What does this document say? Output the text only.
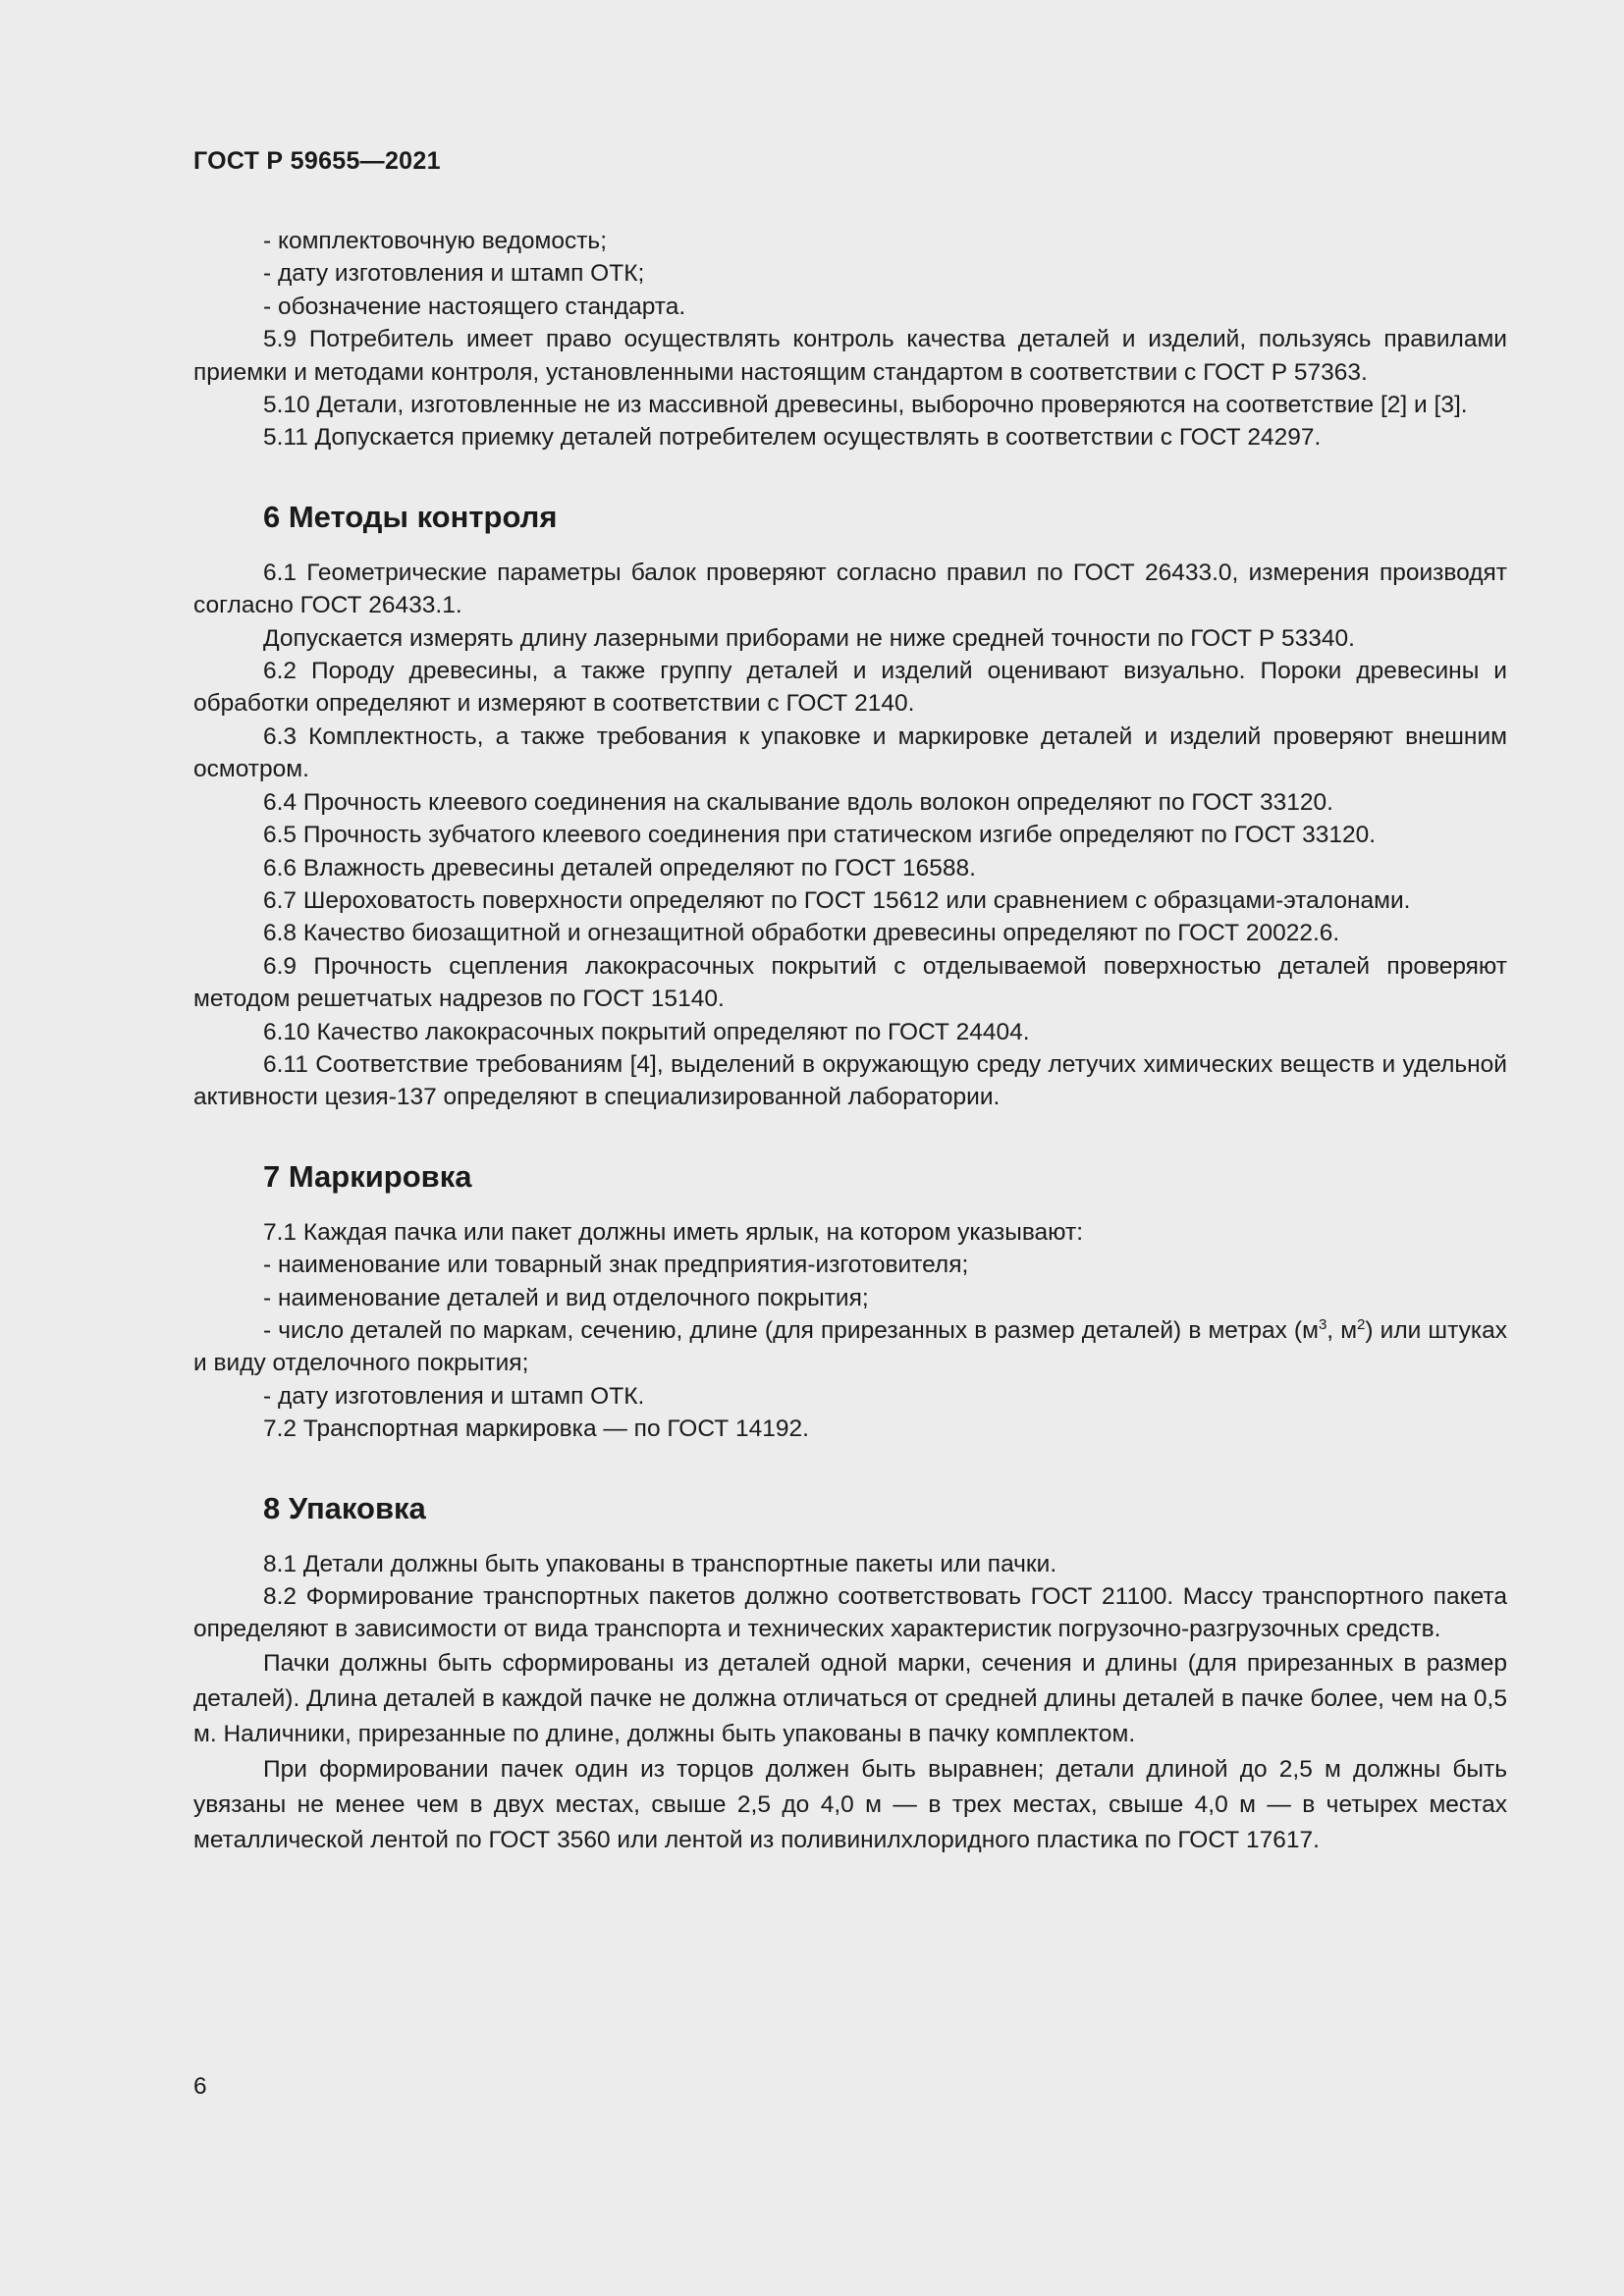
ГОСТ Р 59655—2021

- комплектовочную ведомость;

- дату изготовления и штамп ОТК;

- обозначение настоящего стандарта.

5.9 Потребитель имеет право осуществлять контроль качества деталей и изделий, пользуясь правилами приемки и методами контроля, установленными настоящим стандартом в соответствии с ГОСТ Р 57363.

5.10 Детали, изготовленные не из массивной древесины, выборочно проверяются на соответствие [2] и [3].

5.11 Допускается приемку деталей потребителем осуществлять в соответствии с ГОСТ 24297.

6 Методы контроля

6.1 Геометрические параметры балок проверяют согласно правил по ГОСТ 26433.0, измерения производят согласно ГОСТ 26433.1.

Допускается измерять длину лазерными приборами не ниже средней точности по ГОСТ Р 53340.

6.2 Породу древесины, а также группу деталей и изделий оценивают визуально. Пороки древесины и обработки определяют и измеряют в соответствии с ГОСТ 2140.

6.3 Комплектность, а также требования к упаковке и маркировке деталей и изделий проверяют внешним осмотром.

6.4 Прочность клеевого соединения на скалывание вдоль волокон определяют по ГОСТ 33120.

6.5 Прочность зубчатого клеевого соединения при статическом изгибе определяют по ГОСТ 33120.

6.6 Влажность древесины деталей определяют по ГОСТ 16588.

6.7 Шероховатость поверхности определяют по ГОСТ 15612 или сравнением с образцами-эталонами.

6.8 Качество биозащитной и огнезащитной обработки древесины определяют по ГОСТ 20022.6.

6.9 Прочность сцепления лакокрасочных покрытий с отделываемой поверхностью деталей проверяют методом решетчатых надрезов по ГОСТ 15140.

6.10 Качество лакокрасочных покрытий определяют по ГОСТ 24404.

6.11 Соответствие требованиям [4], выделений в окружающую среду летучих химических веществ и удельной активности цезия-137 определяют в специализированной лаборатории.

7 Маркировка

7.1 Каждая пачка или пакет должны иметь ярлык, на котором указывают:

- наименование или товарный знак предприятия-изготовителя;

- наименование деталей и вид отделочного покрытия;

- число деталей по маркам, сечению, длине (для прирезанных в размер деталей) в метрах ($м^3$, $м^2$) или штуках и виду отделочного покрытия;

- дату изготовления и штамп ОТК.

7.2 Транспортная маркировка — по ГОСТ 14192.

8 Упаковка

8.1 Детали должны быть упакованы в транспортные пакеты или пачки.

8.2 Формирование транспортных пакетов должно соответствовать ГОСТ 21100. Массу транспортного пакета определяют в зависимости от вида транспорта и технических характеристик погрузочно-разгрузочных средств.

Пачки должны быть сформированы из деталей одной марки, сечения и длины (для прирезанных в размер деталей). Длина деталей в каждой пачке не должна отличаться от средней длины деталей в пачке более, чем на 0,5 м. Наличники, прирезанные по длине, должны быть упакованы в пачку комплектом.

При формировании пачек один из торцов должен быть выравнен; детали длиной до 2,5 м должны быть увязаны не менее чем в двух местах, свыше 2,5 до 4,0 м — в трех местах, свыше 4,0 м — в четырех местах металлической лентой по ГОСТ 3560 или лентой из поливинилхлоридного пластика по ГОСТ 17617.

6
